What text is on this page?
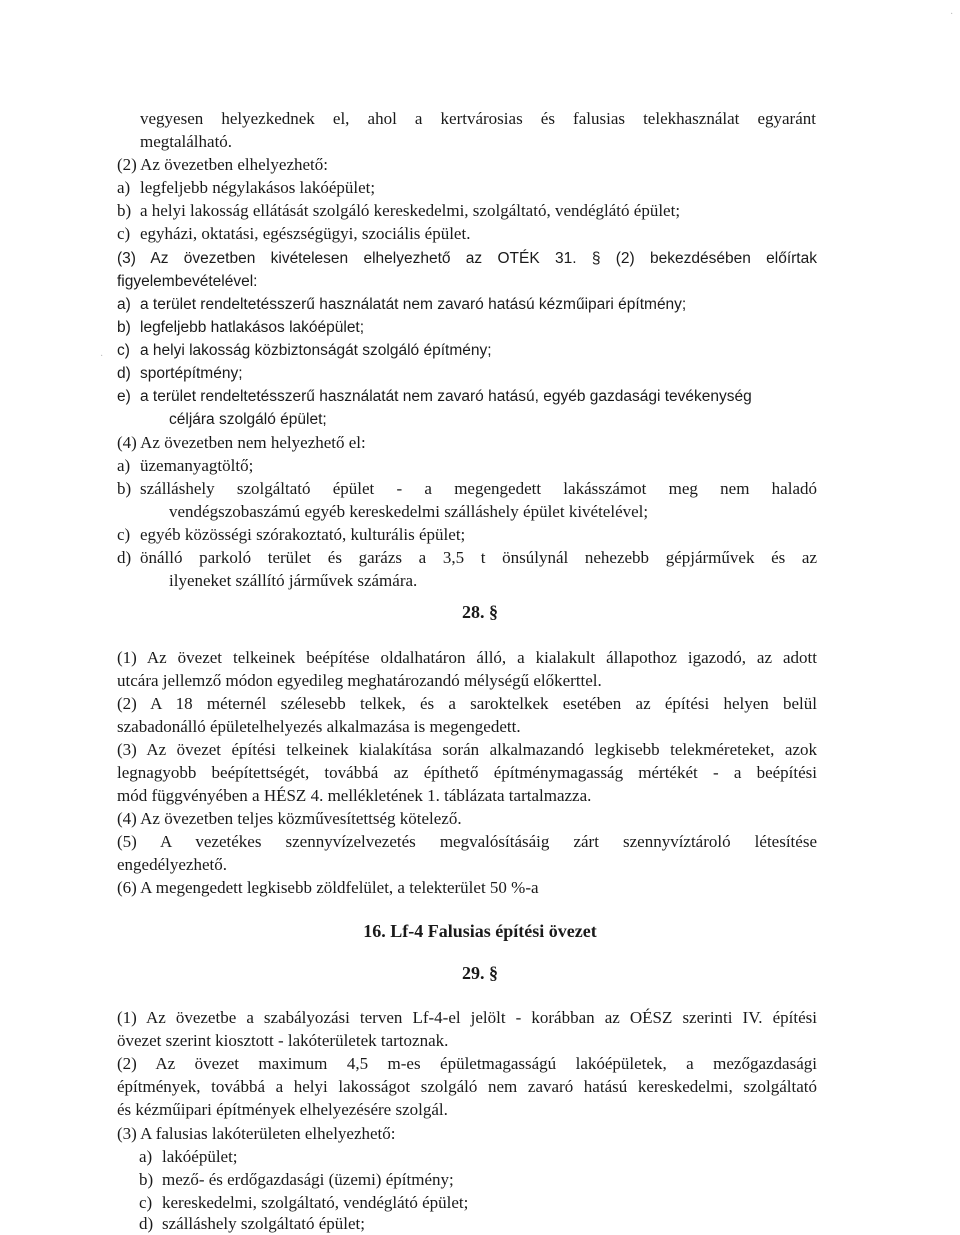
vegyesen helyezkednek el, ahol a kertvárosias és falusias telekhasználat egyaránt

megtalálható.

(2) Az övezetben elhelyezhető:

a) legfeljebb négylakásos lakóépület;
b) a helyi lakosság ellátását szolgáló kereskedelmi, szolgáltató, vendéglátó épület;
c) egyházi, oktatási, egészségügyi, szociális épület.

(3) Az övezetben kivételesen elhelyezhető az OTÉK 31. § (2) bekezdésében előírtak

figyelembevételével:

a) a terület rendeltetésszerű használatát nem zavaró hatású kézműipari építmény;
b) legfeljebb hatlakásos lakóépület;
c) a helyi lakosság közbiztonságát szolgáló építmény;
d) sportépítmény;
e) a terület rendeltetésszerű használatát nem zavaró hatású, egyéb gazdasági tevékenység
céljára szolgáló épület;

(4) Az övezetben nem helyezhető el:

a) üzemanyagtöltő;
b) szálláshely szolgáltató épület - a megengedett lakásszámot meg nem haladó
vendégszobaszámú egyéb kereskedelmi szálláshely épület kivételével;
c) egyéb közösségi szórakoztató, kulturális épület;
d) önálló parkoló terület és garázs a 3,5 t önsúlynál nehezebb gépjárművek és az
ilyeneket szállító járművek számára.
28. §

(1) Az övezet telkeinek beépítése oldalhatáron álló, a kialakult állapothoz igazodó, az adott

utcára jellemző módon egyedileg meghatározandó mélységű előkerttel.

(2) A 18 méternél szélesebb telkek, és a saroktelkek esetében az építési helyen belül

szabadonálló épületelhelyezés alkalmazása is megengedett.

(3) Az övezet építési telkeinek kialakítása során alkalmazandó legkisebb telekméreteket, azok

legnagyobb beépítettségét, továbbá az építhető építménymagasság mértékét - a beépítési

mód függvényében a HÉSZ 4. mellékletének 1. táblázata tartalmazza.

(4) Az övezetben teljes közművesítettség kötelező.

(5) A vezetékes szennyvízelvezetés megvalósításáig zárt szennyvíztároló létesítése

engedélyezhető.

(6) A megengedett legkisebb zöldfelület, a telekterület 50 %-a

16. Lf-4 Falusias építési övezet
29. §

(1) Az övezetbe a szabályozási terven Lf-4-el jelölt - korábban az OÉSZ szerinti IV. építési

övezet szerint kiosztott - lakóterületek tartoznak.

(2) Az övezet maximum 4,5 m-es épületmagasságú lakóépületek, a mezőgazdasági

építmények, továbbá a helyi lakosságot szolgáló nem zavaró hatású kereskedelmi, szolgáltató

és kézműipari építmények elhelyezésére szolgál.

(3) A falusias lakóterületen elhelyezhető:

a) lakóépület;
b) mező- és erdőgazdasági (üzemi) építmény;
c) kereskedelmi, szolgáltató, vendéglátó épület;
d) szálláshely szolgáltató épület;
·
·
